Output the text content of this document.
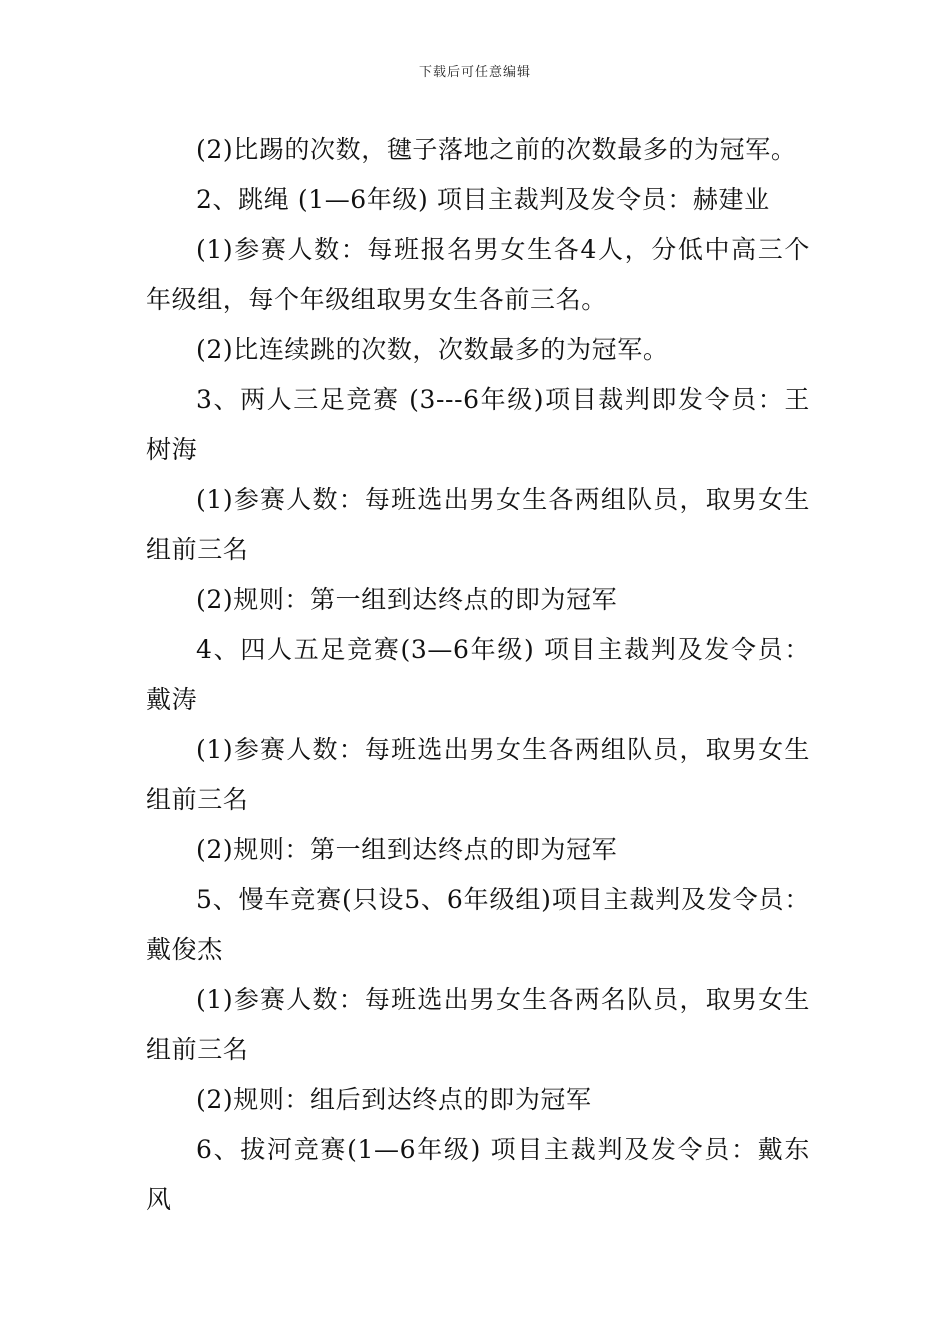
下载后可任意编辑

(2)比踢的次数，毽子落地之前的次数最多的为冠军。

2、跳绳 (1—6年级) 项目主裁判及发令员：赫建业

(1)参赛人数：每班报名男女生各4人，分低中高三个年级组，每个年级组取男女生各前三名。

(2)比连续跳的次数，次数最多的为冠军。

3、两人三足竞赛 (3---6年级)项目裁判即发令员：王树海

(1)参赛人数：每班选出男女生各两组队员，取男女生组前三名

(2)规则：第一组到达终点的即为冠军

4、四人五足竞赛(3—6年级) 项目主裁判及发令员：戴涛

(1)参赛人数：每班选出男女生各两组队员，取男女生组前三名

(2)规则：第一组到达终点的即为冠军

5、慢车竞赛(只设5、6年级组)项目主裁判及发令员：戴俊杰

(1)参赛人数：每班选出男女生各两名队员，取男女生组前三名

(2)规则：组后到达终点的即为冠军

6、拔河竞赛(1—6年级) 项目主裁判及发令员：戴东风
